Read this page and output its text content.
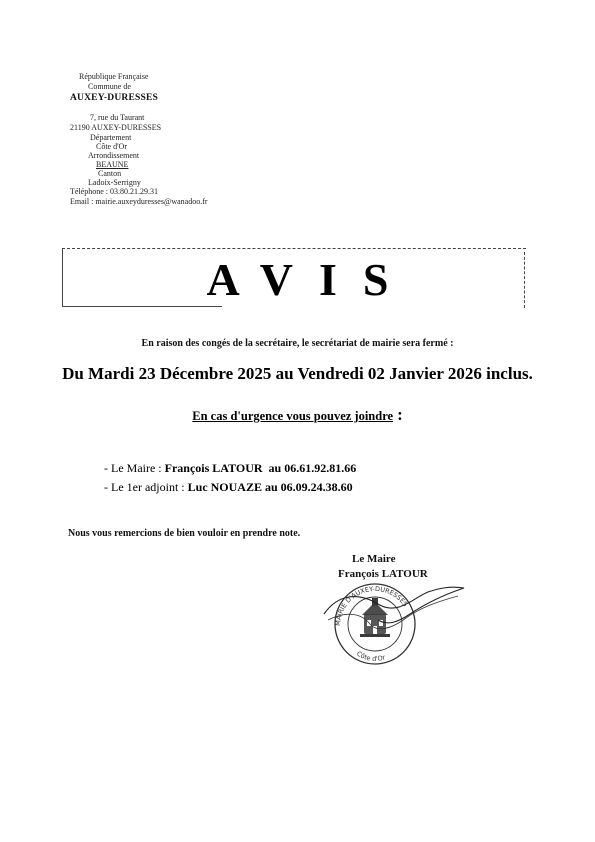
République Française
Commune de
AUXEY-DURESSES
7, rue du Taurant
21190 AUXEY-DURESSES
Département
Côte d'Or
Arrondissement
BEAUNE
Canton
Ladoix-Serrigny
Téléphone : 03.80.21.29.31
Email : mairie.auxeyduresses@wanadoo.fr
AVIS
En raison des congés de la secrétaire, le secrétariat de mairie sera fermé :
Du Mardi 23 Décembre 2025 au Vendredi 02 Janvier 2026 inclus.
En cas d'urgence vous pouvez joindre :
- Le Maire : François LATOUR au 06.61.92.81.66
- Le 1er adjoint : Luc NOUAZE au 06.09.24.38.60
Nous vous remercions de bien vouloir en prendre note.
Le Maire
François LATOUR
MAIRIE D'AUXEY-DURESSES
Côte d'Or
